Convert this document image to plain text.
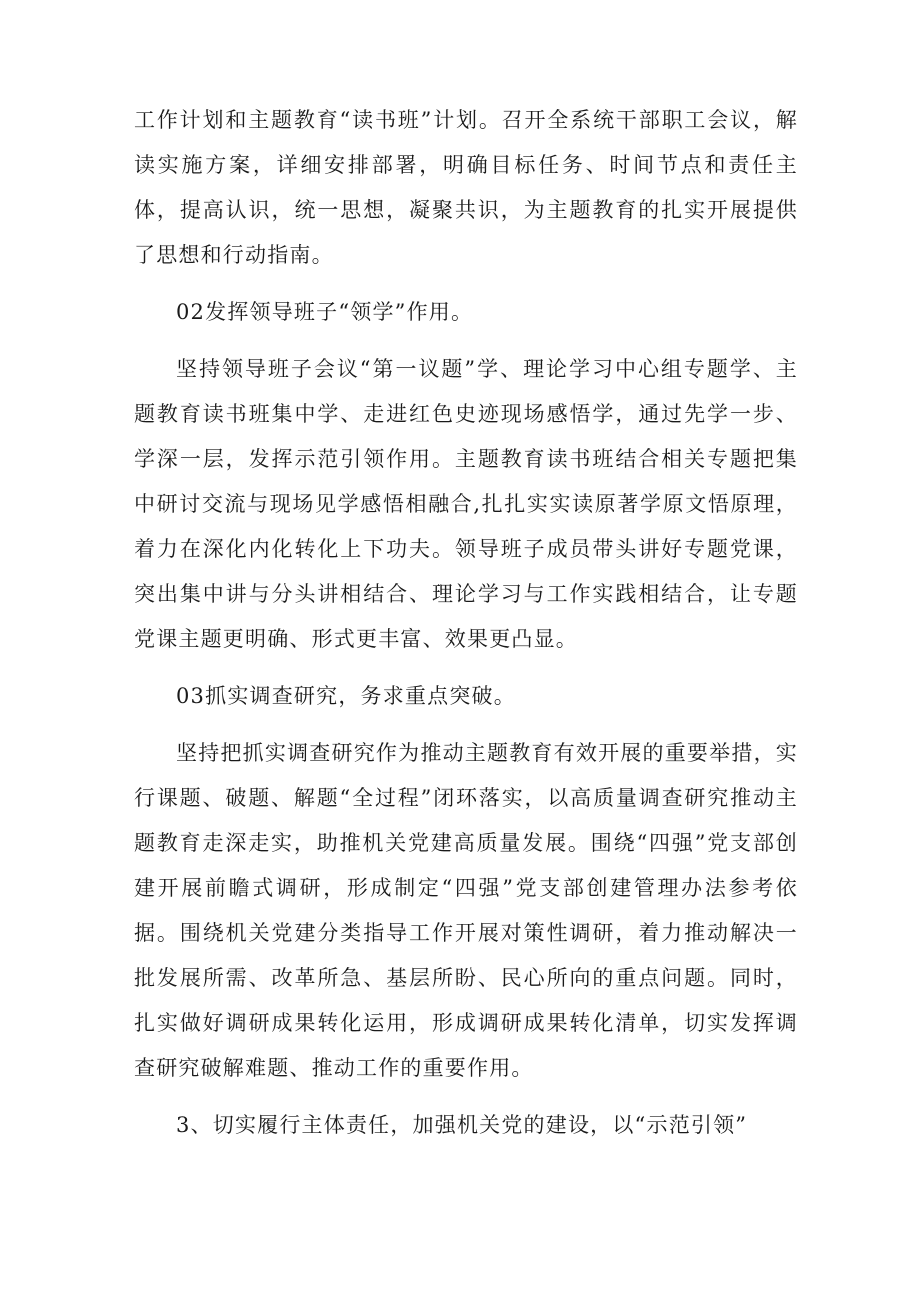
工作计划和主题教育“读书班”计划。召开全系统干部职工会议，解读实施方案，详细安排部署，明确目标任务、时间节点和责任主体，提高认识，统一思想，凝聚共识，为主题教育的扎实开展提供了思想和行动指南。

02发挥领导班子“领学”作用。

坚持领导班子会议“第一议题”学、理论学习中心组专题学、主题教育读书班集中学、走进红色史迹现场感悟学，通过先学一步、学深一层，发挥示范引领作用。主题教育读书班结合相关专题把集中研讨交流与现场见学感悟相融合,扎扎实实读原著学原文悟原理，着力在深化内化转化上下功夫。领导班子成员带头讲好专题党课，突出集中讲与分头讲相结合、理论学习与工作实践相结合，让专题党课主题更明确、形式更丰富、效果更凸显。

03抓实调查研究，务求重点突破。

坚持把抓实调查研究作为推动主题教育有效开展的重要举措，实行课题、破题、解题“全过程”闭环落实，以高质量调查研究推动主题教育走深走实，助推机关党建高质量发展。围绕“四强”党支部创建开展前瞻式调研，形成制定“四强”党支部创建管理办法参考依据。围绕机关党建分类指导工作开展对策性调研，着力推动解决一批发展所需、改革所急、基层所盼、民心所向的重点问题。同时，扎实做好调研成果转化运用，形成调研成果转化清单，切实发挥调查研究破解难题、推动工作的重要作用。

3、切实履行主体责任，加强机关党的建设，以“示范引领”
